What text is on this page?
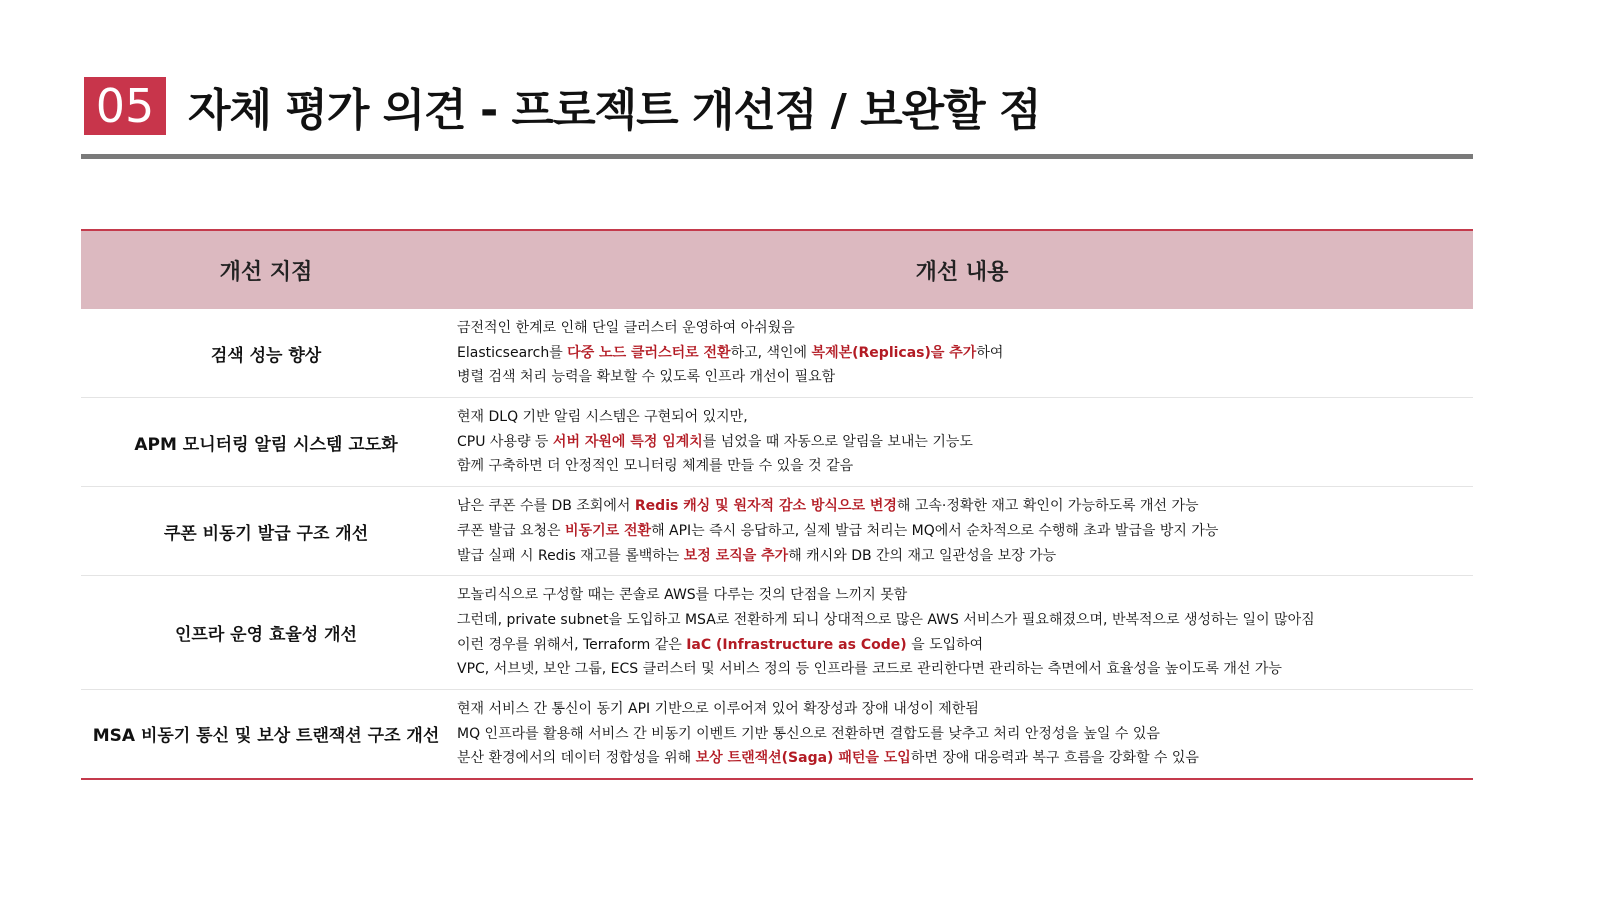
05 자체 평가 의견 - 프로젝트 개선점 / 보완할 점
개선 지점	개선 내용
검색 성능 향상
금전적인 한계로 인해 단일 클러스터 운영하여 아쉬웠음
Elasticsearch를 다중 노드 클러스터로 전환하고, 색인에 복제본(Replicas)을 추가하여
병렬 검색 처리 능력을 확보할 수 있도록 인프라 개선이 필요함
APM 모니터링 알림 시스템 고도화
현재 DLQ 기반 알림 시스템은 구현되어 있지만,
CPU 사용량 등 서버 자원에 특정 임계치를 넘었을 때 자동으로 알림을 보내는 기능도
함께 구축하면 더 안정적인 모니터링 체계를 만들 수 있을 것 같음
쿠폰 비동기 발급 구조 개선
남은 쿠폰 수를 DB 조회에서 Redis 캐싱 및 원자적 감소 방식으로 변경해 고속·정확한 재고 확인이 가능하도록 개선 가능
쿠폰 발급 요청은 비동기로 전환해 API는 즉시 응답하고, 실제 발급 처리는 MQ에서 순차적으로 수행해 초과 발급을 방지 가능
발급 실패 시 Redis 재고를 롤백하는 보정 로직을 추가해 캐시와 DB 간의 재고 일관성을 보장 가능
인프라 운영 효율성 개선
모놀리식으로 구성할 때는 콘솔로 AWS를 다루는 것의 단점을 느끼지 못함
그런데, private subnet을 도입하고 MSA로 전환하게 되니 상대적으로 많은 AWS 서비스가 필요해졌으며, 반복적으로 생성하는 일이 많아짐
이런 경우를 위해서, Terraform 같은 IaC (Infrastructure as Code) 을 도입하여
VPC, 서브넷, 보안 그룹, ECS 클러스터 및 서비스 정의 등 인프라를 코드로 관리한다면 관리하는 측면에서 효율성을 높이도록 개선 가능
MSA 비동기 통신 및 보상 트랜잭션 구조 개선
현재 서비스 간 통신이 동기 API 기반으로 이루어져 있어 확장성과 장애 내성이 제한됨
MQ 인프라를 활용해 서비스 간 비동기 이벤트 기반 통신으로 전환하면 결합도를 낮추고 처리 안정성을 높일 수 있음
분산 환경에서의 데이터 정합성을 위해 보상 트랜잭션(Saga) 패턴을 도입하면 장애 대응력과 복구 흐름을 강화할 수 있음
